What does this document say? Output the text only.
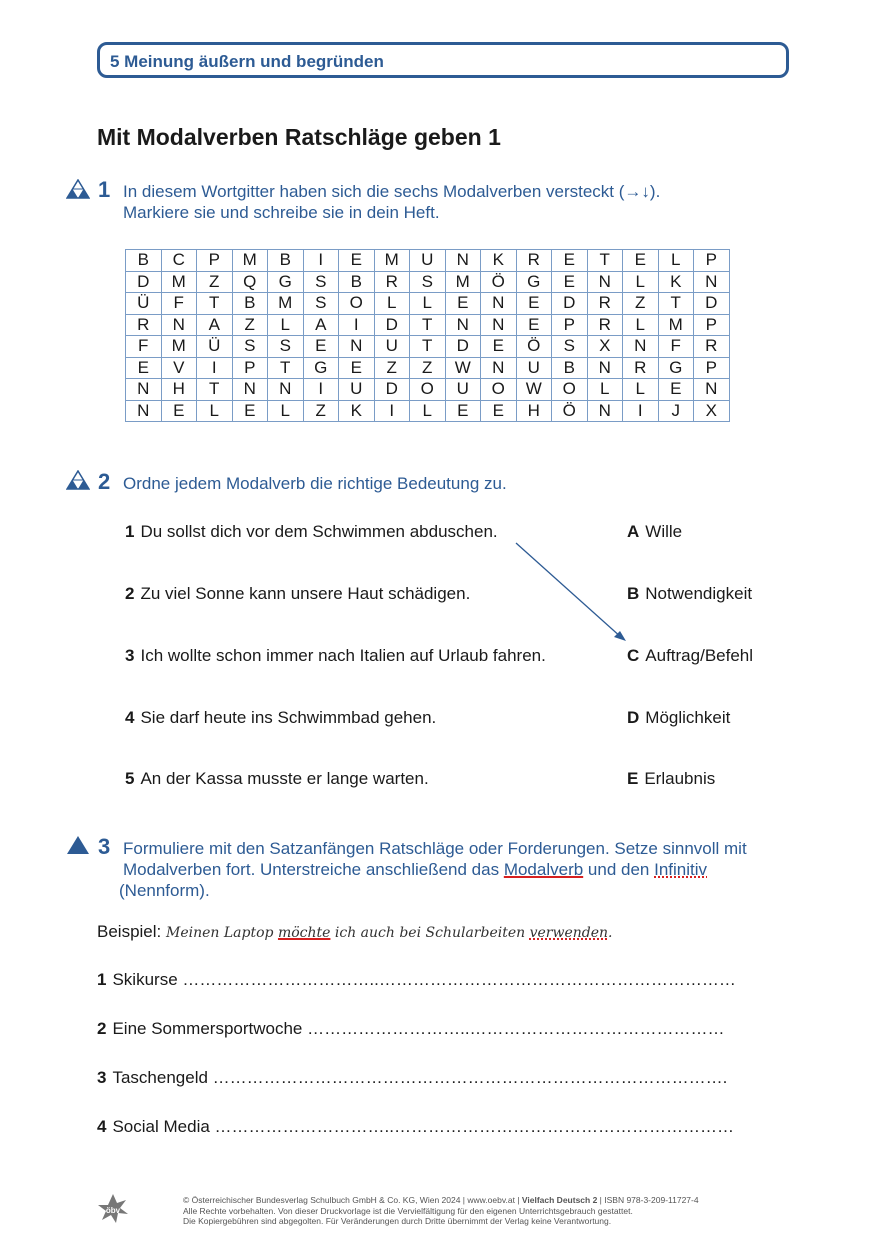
5 Meinung äußern und begründen
Mit Modalverben Ratschläge geben 1
1 In diesem Wortgitter haben sich die sechs Modalverben versteckt (→↓).
Markiere sie und schreibe sie in dein Heft.
B	C	P	M	B	I	E	M	U	N	K	R	E	T	E	L	P
D	M	Z	Q	G	S	B	R	S	M	Ö	G	E	N	L	K	N
Ü	F	T	B	M	S	O	L	L	E	N	E	D	R	Z	T	D
R	N	A	Z	L	A	I	D	T	N	N	E	P	R	L	M	P
F	M	Ü	S	S	E	N	U	T	D	E	Ö	S	X	N	F	R
E	V	I	P	T	G	E	Z	Z	W	N	U	B	N	R	G	P
N	H	T	N	N	I	U	D	O	U	O	W	O	L	L	E	N
N	E	L	E	L	Z	K	I	L	E	E	H	Ö	N	I	J	X
2 Ordne jedem Modalverb die richtige Bedeutung zu.
1 Du sollst dich vor dem Schwimmen abduschen.
2 Zu viel Sonne kann unsere Haut schädigen.
3 Ich wollte schon immer nach Italien auf Urlaub fahren.
4 Sie darf heute ins Schwimmbad gehen.
5 An der Kassa musste er lange warten.
A Wille
B Notwendigkeit
C Auftrag/Befehl
D Möglichkeit
E Erlaubnis
3 Formuliere mit den Satzanfängen Ratschläge oder Forderungen. Setze sinnvoll mit
Modalverben fort. Unterstreiche anschließend das Modalverb und den Infinitiv
(Nennform).
Beispiel: Meinen Laptop möchte ich auch bei Schularbeiten verwenden.
1 Skikurse ……………………………..………………………………………………………
2 Eine Sommersportwoche ………………………..………………………………………
3 Taschengeld ……………………………………………………………………………….
4 Social Media …………………………..……………………………………………………
öbv
© Österreichischer Bundesverlag Schulbuch GmbH & Co. KG, Wien 2024 | www.oebv.at | Vielfach Deutsch 2 | ISBN 978-3-209-11727-4
Alle Rechte vorbehalten. Von dieser Druckvorlage ist die Vervielfältigung für den eigenen Unterrichtsgebrauch gestattet.
Die Kopiergebühren sind abgegolten. Für Veränderungen durch Dritte übernimmt der Verlag keine Verantwortung.
